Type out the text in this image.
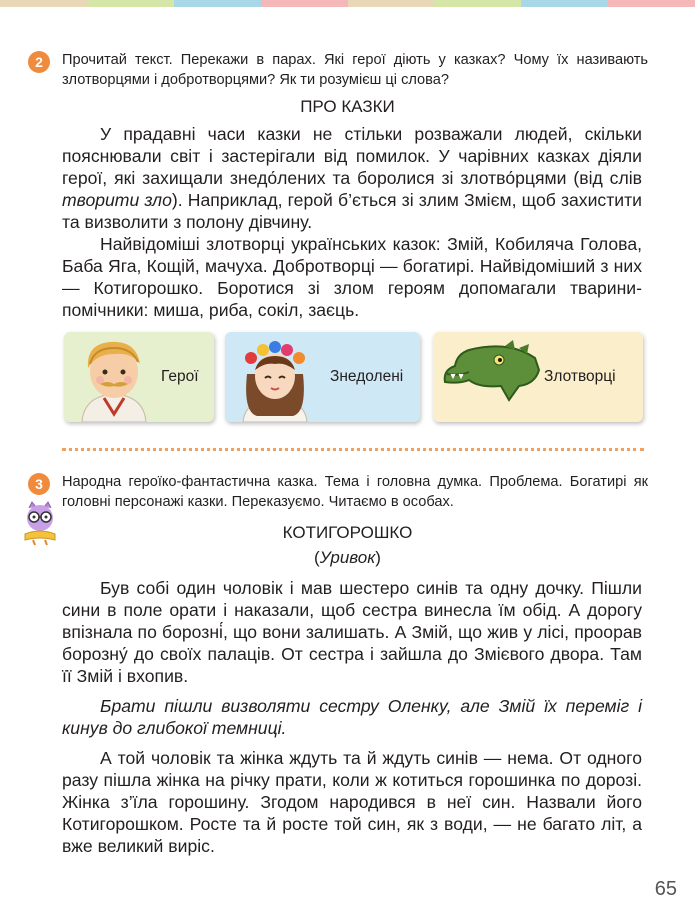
2	Прочитай текст. Перекажи в парах. Які герої діють у казках? Чому їх називають злотворцями і добротворцями? Як ти розумієш ці слова?
ПРО КАЗКИ

У прадавні часи казки не стільки розважали людей, скільки пояснювали світ і застерігали від помилок. У чарівних казках діяли герої, які захищали знедо́лених та боролися зі злотво́рцями (від слів творити зло). Наприклад, герой б’ється зі злим Змієм, щоб захистити та визволити з полону дівчину.

Найвідоміші злотворці українських казок: Змій, Кобиляча Голова, Баба Яга, Кощій, мачуха. Добротворці — богатирі. Найвідоміший з них — Котигорошко. Боротися зі злом героям допомагали тварини-помічники: миша, риба, сокіл, заєць.

Герої	Знедолені	Злотворці
3	Народна героїко-фантастична казка. Тема і головна думка. Проблема. Богатирі як головні персонажі казки. Переказуємо. Читаємо в особах.
КОТИГОРОШКО
(Уривок)

Був собі один чоловік і мав шестеро синів та одну дочку. Пішли сини в поле орати і наказали, щоб сестра винесла їм обід. А дорогу впізнала по борозні́, що вони залишать. А Змій, що жив у лісі, проорав борозну́ до своїх палаців. От сестра і зайшла до Змієвого двора. Там її Змій і вхопив.

Брати пішли визволяти сестру Оленку, але Змій їх переміг і кинув до глибокої темниці.

А той чоловік та жінка ждуть та й ждуть синів — нема. От одного разу пішла жінка на річку прати, коли ж котиться горошинка по дорозі. Жінка з’їла горошину. Згодом народився в неї син. Назвали його Котигорошком. Росте та й росте той син, як з води, — не багато літ, а вже великий виріс.

65
